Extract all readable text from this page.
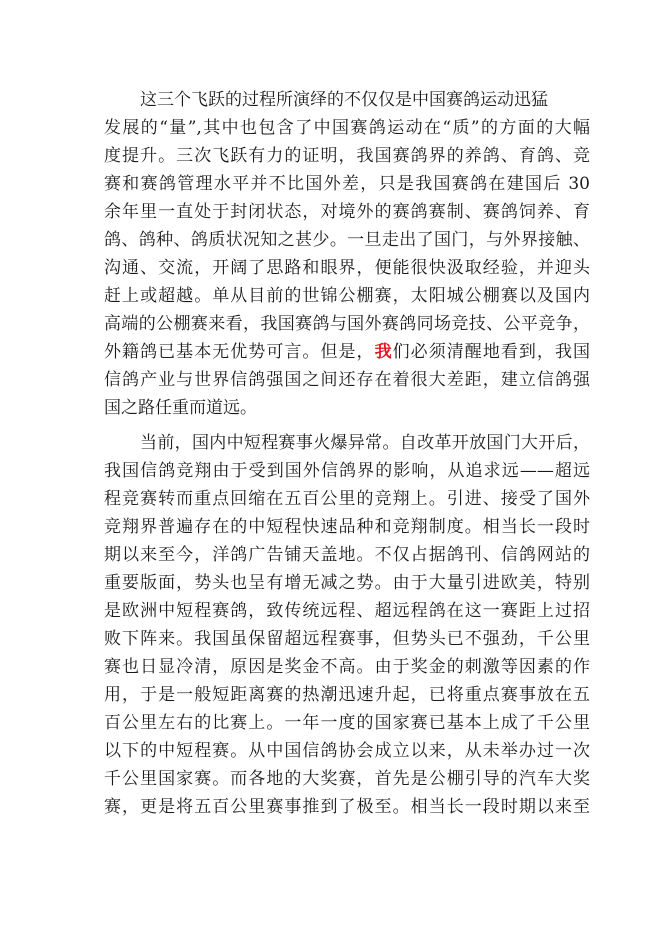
这三个飞跃的过程所演绎的不仅仅是中国赛鸽运动迅猛
发展的“量”,其中也包含了中国赛鸽运动在“质”的方面的大幅
度提升。三次飞跃有力的证明，我国赛鸽界的养鸽、育鸽、竞
赛和赛鸽管理水平并不比国外差，只是我国赛鸽在建国后 30
余年里一直处于封闭状态，对境外的赛鸽赛制、赛鸽饲养、育
鸽、鸽种、鸽质状况知之甚少。一旦走出了国门，与外界接触、
沟通、交流，开阔了思路和眼界，便能很快汲取经验，并迎头
赶上或超越。单从目前的世锦公棚赛，太阳城公棚赛以及国内
高端的公棚赛来看，我国赛鸽与国外赛鸽同场竞技、公平竞争，
外籍鸽已基本无优势可言。但是，我们必须清醒地看到，我国
信鸽产业与世界信鸽强国之间还存在着很大差距，建立信鸽强
国之路任重而道远。
当前，国内中短程赛事火爆异常。自改革开放国门大开后，
我国信鸽竞翔由于受到国外信鸽界的影响，从追求远——超远
程竞赛转而重点回缩在五百公里的竞翔上。引进、接受了国外
竞翔界普遍存在的中短程快速品种和竞翔制度。相当长一段时
期以来至今，洋鸽广告铺天盖地。不仅占据鸽刊、信鸽网站的
重要版面，势头也呈有增无减之势。由于大量引进欧美，特别
是欧洲中短程赛鸽，致传统远程、超远程鸽在这一赛距上过招
败下阵来。我国虽保留超远程赛事，但势头已不强劲，千公里
赛也日显冷清，原因是奖金不高。由于奖金的刺激等因素的作
用，于是一般短距离赛的热潮迅速升起，已将重点赛事放在五
百公里左右的比赛上。一年一度的国家赛已基本上成了千公里
以下的中短程赛。从中国信鸽协会成立以来，从未举办过一次
千公里国家赛。而各地的大奖赛，首先是公棚引导的汽车大奖
赛，更是将五百公里赛事推到了极至。相当长一段时期以来至
